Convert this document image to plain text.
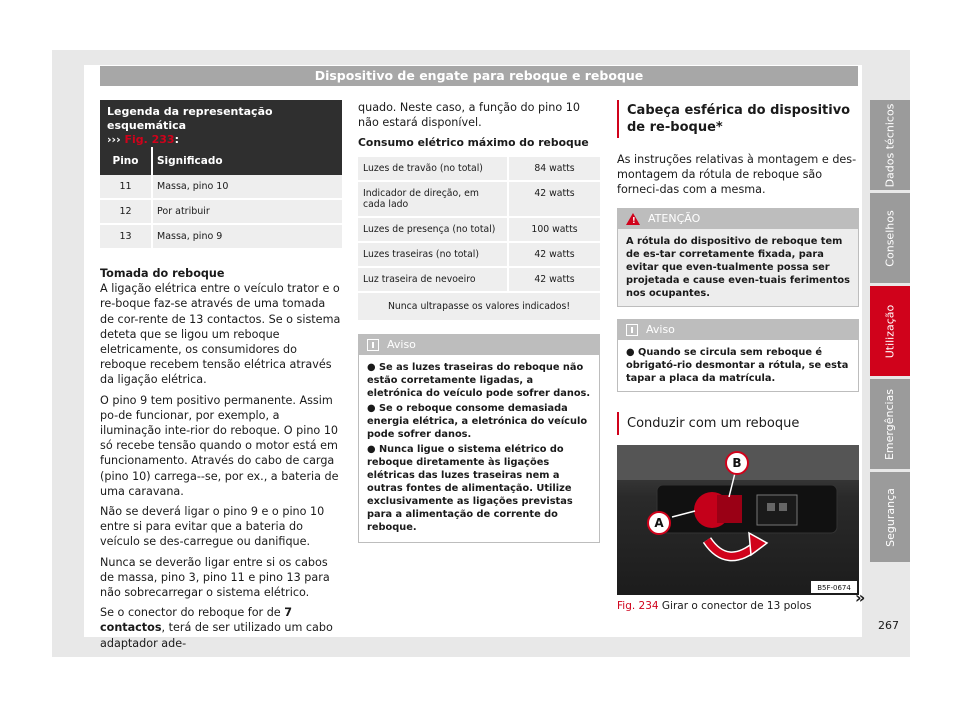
Dispositivo de engate para reboque e reboque
Legenda da representação esquemática
››› Fig. 233:
Pino	Significado
11	Massa, pino 10
12	Por atribuir
13	Massa, pino 9

Tomada do reboque

A ligação elétrica entre o veículo trator e o re-boque faz-se através de uma tomada de cor-rente de 13 contactos. Se o sistema deteta que se ligou um reboque eletricamente, os consumidores do reboque recebem tensão elétrica através da ligação elétrica.

O pino 9 tem positivo permanente. Assim po-de funcionar, por exemplo, a iluminação inte-rior do reboque. O pino 10 só recebe tensão quando o motor está em funcionamento. Através do cabo de carga (pino 10) carrega--se, por ex., a bateria de uma caravana.

Não se deverá ligar o pino 9 e o pino 10 entre si para evitar que a bateria do veículo se des-carregue ou danifique.

Nunca se deverão ligar entre si os cabos de massa, pino 3, pino 11 e pino 13 para não sobrecarregar o sistema elétrico.

Se o conector do reboque for de 7 contactos, terá de ser utilizado um cabo adaptador ade-

quado. Neste caso, a função do pino 10 não estará disponível.

Consumo elétrico máximo do reboque

Luzes de travão (no total)	84 watts
Indicador de direção, em cada lado	42 watts
Luzes de presença (no total)	100 watts
Luzes traseiras (no total)	42 watts
Luz traseira de nevoeiro	42 watts
Nunca ultrapasse os valores indicados!	
Aviso
● Se as luzes traseiras do reboque não estão corretamente ligadas, a eletrónica do veículo pode sofrer danos.
● Se o reboque consome demasiada energia elétrica, a eletrónica do veículo pode sofrer danos.
● Nunca ligue o sistema elétrico do reboque diretamente às ligações elétricas das luzes traseiras nem a outras fontes de alimentação. Utilize exclusivamente as ligações previstas para a alimentação de corrente do reboque.
Cabeça esférica do dispositivo de re-boque*

As instruções relativas à montagem e des-montagem da rótula de reboque são forneci-das com a mesma.

! ATENÇÃO
A rótula do dispositivo de reboque tem de es-tar corretamente fixada, para evitar que even-tualmente possa ser projetada e cause even-tuais ferimentos nos ocupantes.
Aviso
● Quando se circula sem reboque é obrigató-rio desmontar a rótula, se esta tapar a placa da matrícula.
Conduzir com um reboque
A
B
B5F-0674
Fig. 234 Girar o conector de 13 polos	»
Dados técnicos
Conselhos
Utilização
Emergências
Segurança
267
